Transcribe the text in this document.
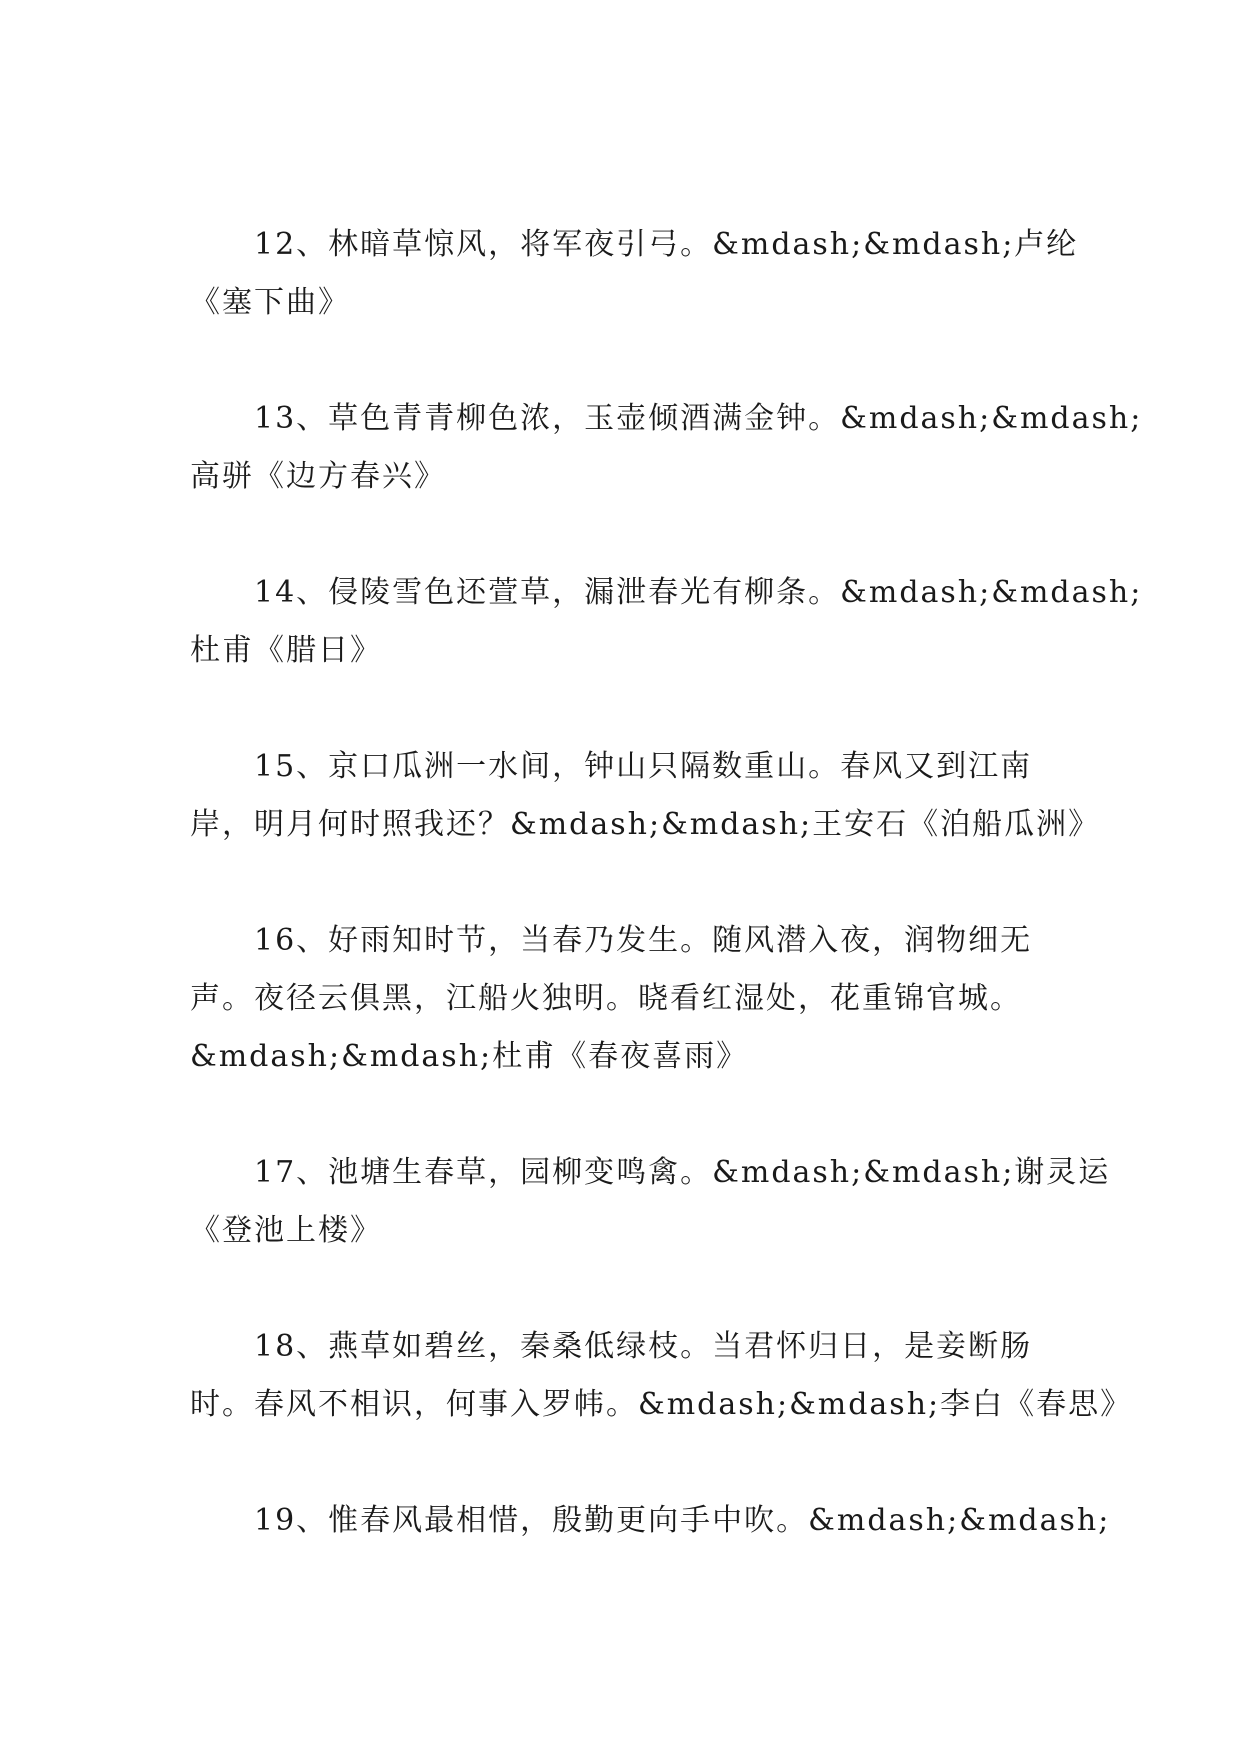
12、林暗草惊风，将军夜引弓。&mdash;&mdash;卢纶
《塞下曲》

13、草色青青柳色浓，玉壶倾酒满金钟。&mdash;&mdash;
高骈《边方春兴》

14、侵陵雪色还萱草，漏泄春光有柳条。&mdash;&mdash;
杜甫《腊日》

15、京口瓜洲一水间，钟山只隔数重山。春风又到江南
岸，明月何时照我还？&mdash;&mdash;王安石《泊船瓜洲》

16、好雨知时节，当春乃发生。随风潜入夜，润物细无
声。夜径云俱黑，江船火独明。晓看红湿处，花重锦官城。
&mdash;&mdash;杜甫《春夜喜雨》

17、池塘生春草，园柳变鸣禽。&mdash;&mdash;谢灵运
《登池上楼》

18、燕草如碧丝，秦桑低绿枝。当君怀归日，是妾断肠
时。春风不相识，何事入罗帏。&mdash;&mdash;李白《春思》

19、惟春风最相惜，殷勤更向手中吹。&mdash;&mdash;
